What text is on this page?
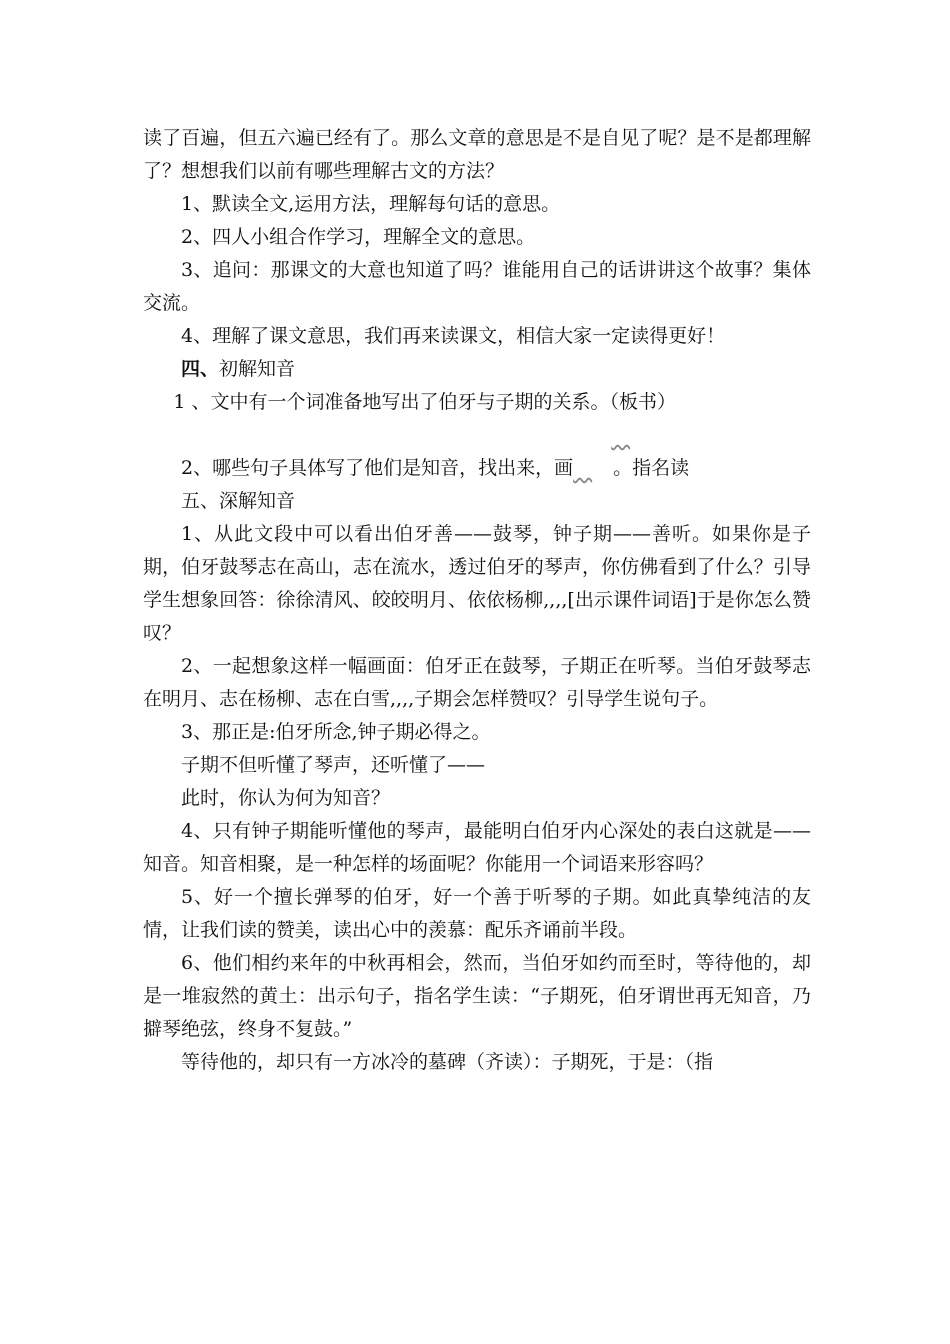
读了百遍，但五六遍已经有了。那么文章的意思是不是自见了呢？是不是都理解了？想想我们以前有哪些理解古文的方法？

1、默读全文,运用方法，理解每句话的意思。

2、四人小组合作学习，理解全文的意思。

3、追问：那课文的大意也知道了吗？谁能用自己的话讲讲这个故事？集体交流。

4、理解了课文意思，我们再来读课文，相信大家一定读得更好！

四、初解知音

1 、文中有一个词准备地写出了伯牙与子期的关系。（板书）

2、哪些句子具体写了他们是知音，找出来，画 。指名读

五、深解知音

1、从此文段中可以看出伯牙善——鼓琴，钟子期——善听。如果你是子期，伯牙鼓琴志在高山，志在流水，透过伯牙的琴声，你仿佛看到了什么？引导学生想象回答：徐徐清风、皎皎明月、依依杨柳,,,,[出示课件词语]于是你怎么赞叹？

2、一起想象这样一幅画面：伯牙正在鼓琴，子期正在听琴。当伯牙鼓琴志在明月、志在杨柳、志在白雪,,,,子期会怎样赞叹？引导学生说句子。

3、那正是:伯牙所念,钟子期必得之。

子期不但听懂了琴声，还听懂了——

此时，你认为何为知音？

4、只有钟子期能听懂他的琴声，最能明白伯牙内心深处的表白这就是——知音。知音相聚，是一种怎样的场面呢？你能用一个词语来形容吗？

5、好一个擅长弹琴的伯牙，好一个善于听琴的子期。如此真挚纯洁的友情，让我们读的赞美，读出心中的羡慕：配乐齐诵前半段。

6、他们相约来年的中秋再相会，然而，当伯牙如约而至时，等待他的，却是一堆寂然的黄土：出示句子，指名学生读：“子期死，伯牙谓世再无知音，乃擗琴绝弦，终身不复鼓。”

等待他的，却只有一方冰冷的墓碑（齐读）：子期死，于是：（指
